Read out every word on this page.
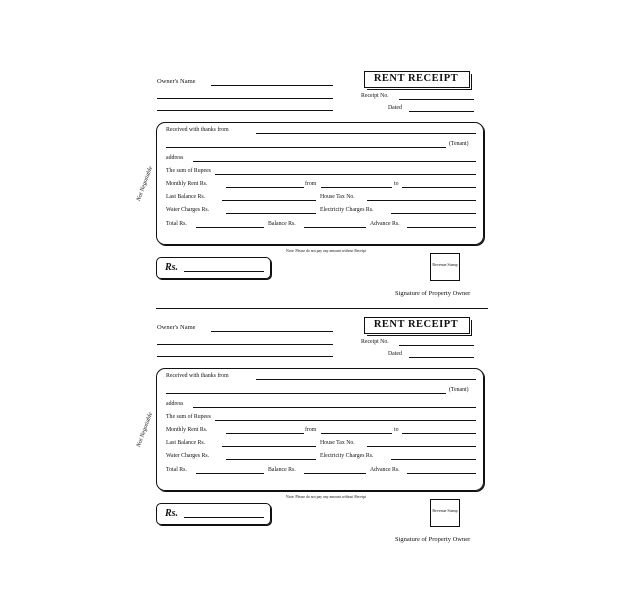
Owner's Name	RENT RECEIPT
Receipt No.
Dated
Received with thanks from
(Tenant)
address
The sum of Rupees
Monthly Rent Rs.	from	to
Last Balance Rs.	House Tax No.
Water Charges Rs.	Electricity Charges Rs.
Total Rs.	Balance Rs.	Advance Rs.
Not Negotiable
Note: Please do not pay any amount without Receipt
Rs.	Revenue Stamp
Signature of Property Owner
Owner's Name	RENT RECEIPT
Receipt No.
Dated
Received with thanks from
(Tenant)
address
The sum of Rupees
Monthly Rent Rs.	from	to
Last Balance Rs.	House Tax No.
Water Charges Rs.	Electricity Charges Rs.
Total Rs.	Balance Rs.	Advance Rs.
Not Negotiable
Note: Please do not pay any amount without Receipt
Rs.	Revenue Stamp
Signature of Property Owner
